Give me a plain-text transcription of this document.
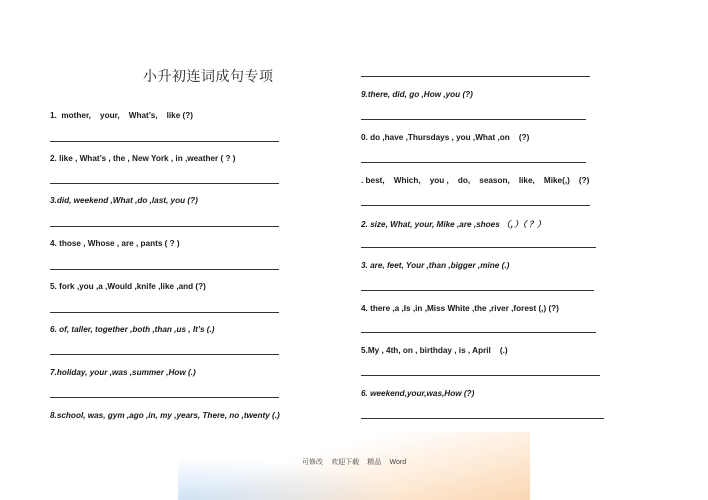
小升初连词成句专项
1.  mother,    your,    What’s,    like (?)
2. like , What’s , the , New York , in ,weather ( ? )
3.did, weekend ,What ,do ,last, you (?)
4. those , Whose , are , pants ( ? )
5. fork ,you ,a ,Would ,knife ,like ,and (?)
6. of, taller, together ,both ,than ,us , It’s (.)
7.holiday, your ,was ,summer ,How (.)
8.school, was, gym ,ago ,in, my ,years, There, no ,twenty (.)
9.there, did, go ,How ,you (?)
0. do ,have ,Thursdays , you ,What ,on    (?)
. best,    Which,    you ,    do,    season,    like,    Mike(,)    (?)
2. size, What, your, Mike ,are ,shoes （，）（ ？）
3. are, feet, Your ,than ,bigger ,mine (.)
4. there ,a ,Is ,in ,Miss White ,the ,river ,forest (,) (?)
5.My , 4th, on , birthday , is , April    (.)
6. weekend,your,was,How (?)
可修改 欢迎下载 精品 Word
